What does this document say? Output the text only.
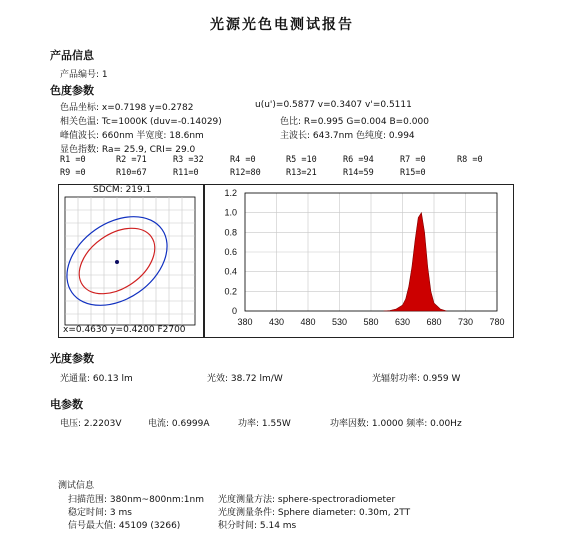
光源光色电测试报告
产品信息
产品编号: 1
色度参数
色品坐标: x=0.7198 y=0.2782	u(u')=0.5877 v=0.3407 v'=0.5111
相关色温: Tc=1000K (duv=-0.14029)	色比: R=0.995 G=0.004 B=0.000
峰值波长: 660nm 半宽度: 18.6nm	主波长: 643.7nm 色纯度: 0.994
显色指数: Ra= 25.9, CRI= 29.0
R1 =0	R2 =71	R3 =32	R4 =0	R5 =10	R6 =94	R7 =0	R8 =0
R9 =0	R10=67	R11=0	R12=80	R13=21	R14=59	R15=0
SDCM: 219.1
x=0.4630 y=0.4200 F2700
0
0.2
0.4
0.6
0.8
1.0
1.2
380 430 480 530 580 630 680 730 780
光度参数
光通量: 60.13 lm	光效: 38.72 lm/W	光辐射功率: 0.959 W
电参数
电压: 2.2203V	电流: 0.6999A	功率: 1.55W	功率因数: 1.0000 频率: 0.00Hz
测试信息
扫描范围: 380nm~800nm:1nm 光度测量方法: sphere-spectroradiometer
稳定时间: 3 ms	光度测量条件: Sphere diameter: 0.30m, 2TT
信号最大值: 45109 (3266)	积分时间: 5.14 ms
